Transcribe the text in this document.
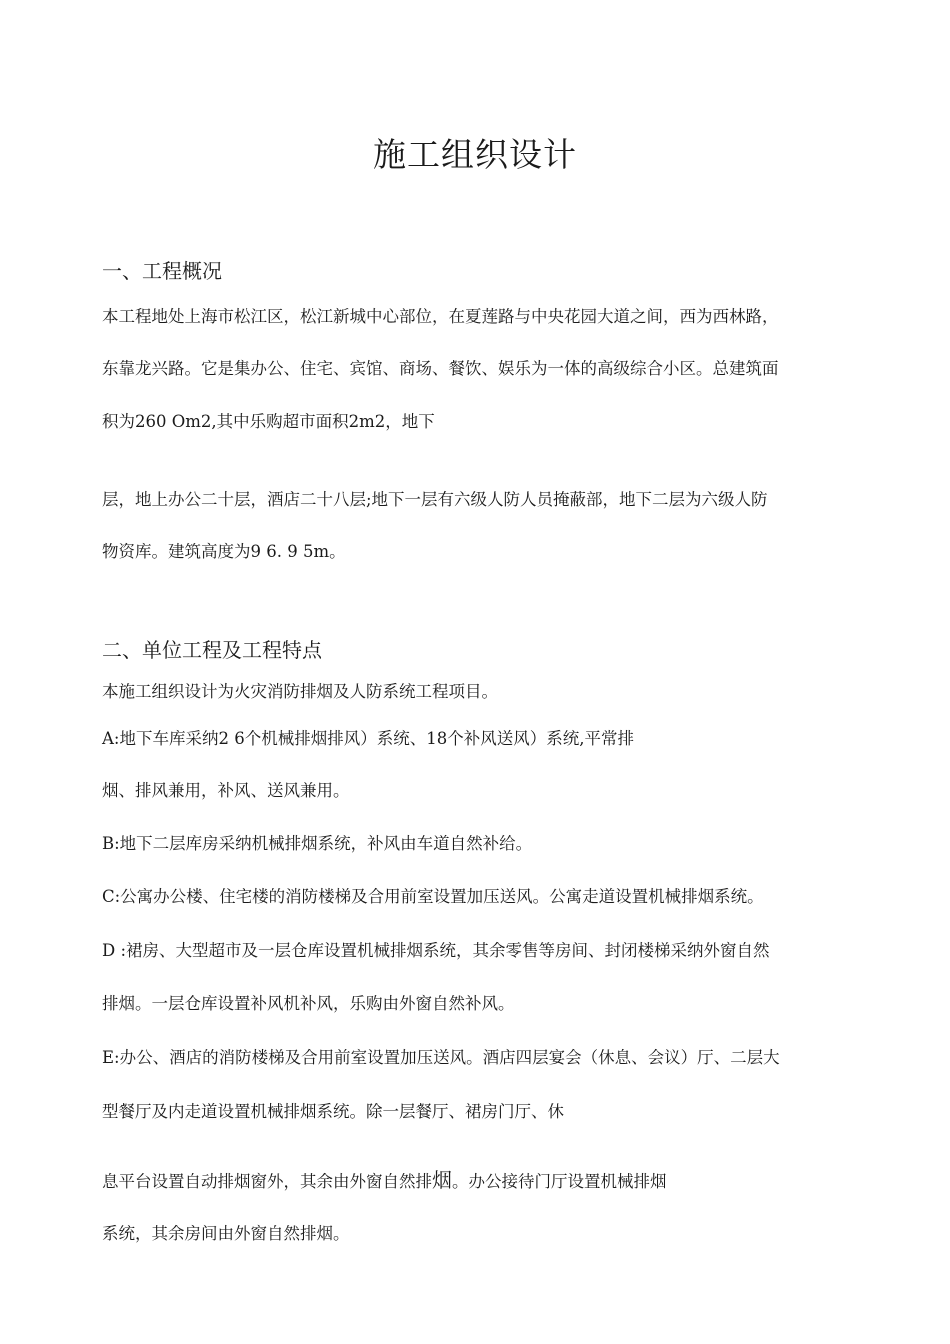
施工组织设计
一、工程概况
本工程地处上海市松江区，松江新城中心部位，在夏莲路与中央花园大道之间，西为西林路，
东靠龙兴路。它是集办公、住宅、宾馆、商场、餐饮、娱乐为一体的高级综合小区。总建筑面
积为260 Om2,其中乐购超市面积2m2，地下
层，地上办公二十层，酒店二十八层;地下一层有六级人防人员掩蔽部，地下二层为六级人防
物资库。建筑高度为9 6. 9 5m。
二、单位工程及工程特点
本施工组织设计为火灾消防排烟及人防系统工程项目。
A:地下车库采纳2 6个机械排烟排风）系统、18个补风送风）系统,平常排
烟、排风兼用，补风、送风兼用。
B:地下二层库房采纳机械排烟系统，补风由车道自然补给。
C:公寓办公楼、住宅楼的消防楼梯及合用前室设置加压送风。公寓走道设置机械排烟系统。
D :裙房、大型超市及一层仓库设置机械排烟系统，其余零售等房间、封闭楼梯采纳外窗自然
排烟。一层仓库设置补风机补风，乐购由外窗自然补风。
E:办公、酒店的消防楼梯及合用前室设置加压送风。酒店四层宴会（休息、会议）厅、二层大
型餐厅及内走道设置机械排烟系统。除一层餐厅、裙房门厅、休
息平台设置自动排烟窗外，其余由外窗自然排烟。办公接待门厅设置机械排烟
系统，其余房间由外窗自然排烟。
